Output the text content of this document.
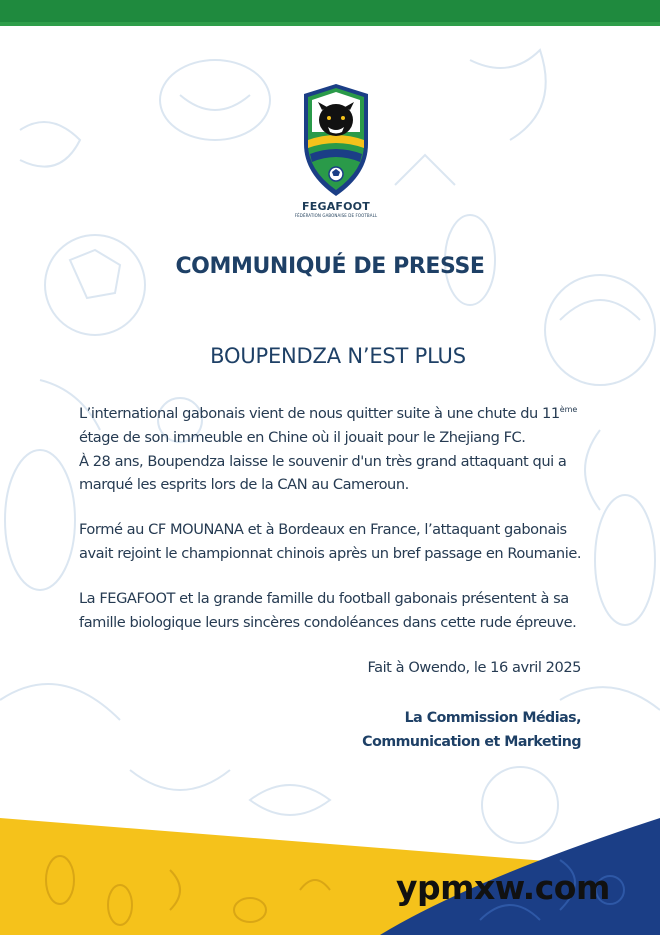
FEGAFOOT
FÉDÉRATION GABONAISE DE FOOTBALL
COMMUNIQUÉ DE PRESSE
BOUPENDZA N’EST PLUS

L’international gabonais vient de nous quitter suite à une chute du 11ème
étage de son immeuble en Chine où il jouait pour le Zhejiang FC.
À 28 ans, Boupendza laisse le souvenir d'un très grand attaquant qui a
marqué les esprits lors de la CAN au Cameroun.

Formé au CF MOUNANA et à Bordeaux en France, l’attaquant gabonais
avait rejoint le championnat chinois après un bref passage en Roumanie.

La FEGAFOOT et la grande famille du football gabonais présentent à sa
famille biologique leurs sincères condoléances dans cette rude épreuve.

Fait à Owendo, le 16 avril 2025
La Commission Médias,
Communication et Marketing
ypmxw.com
